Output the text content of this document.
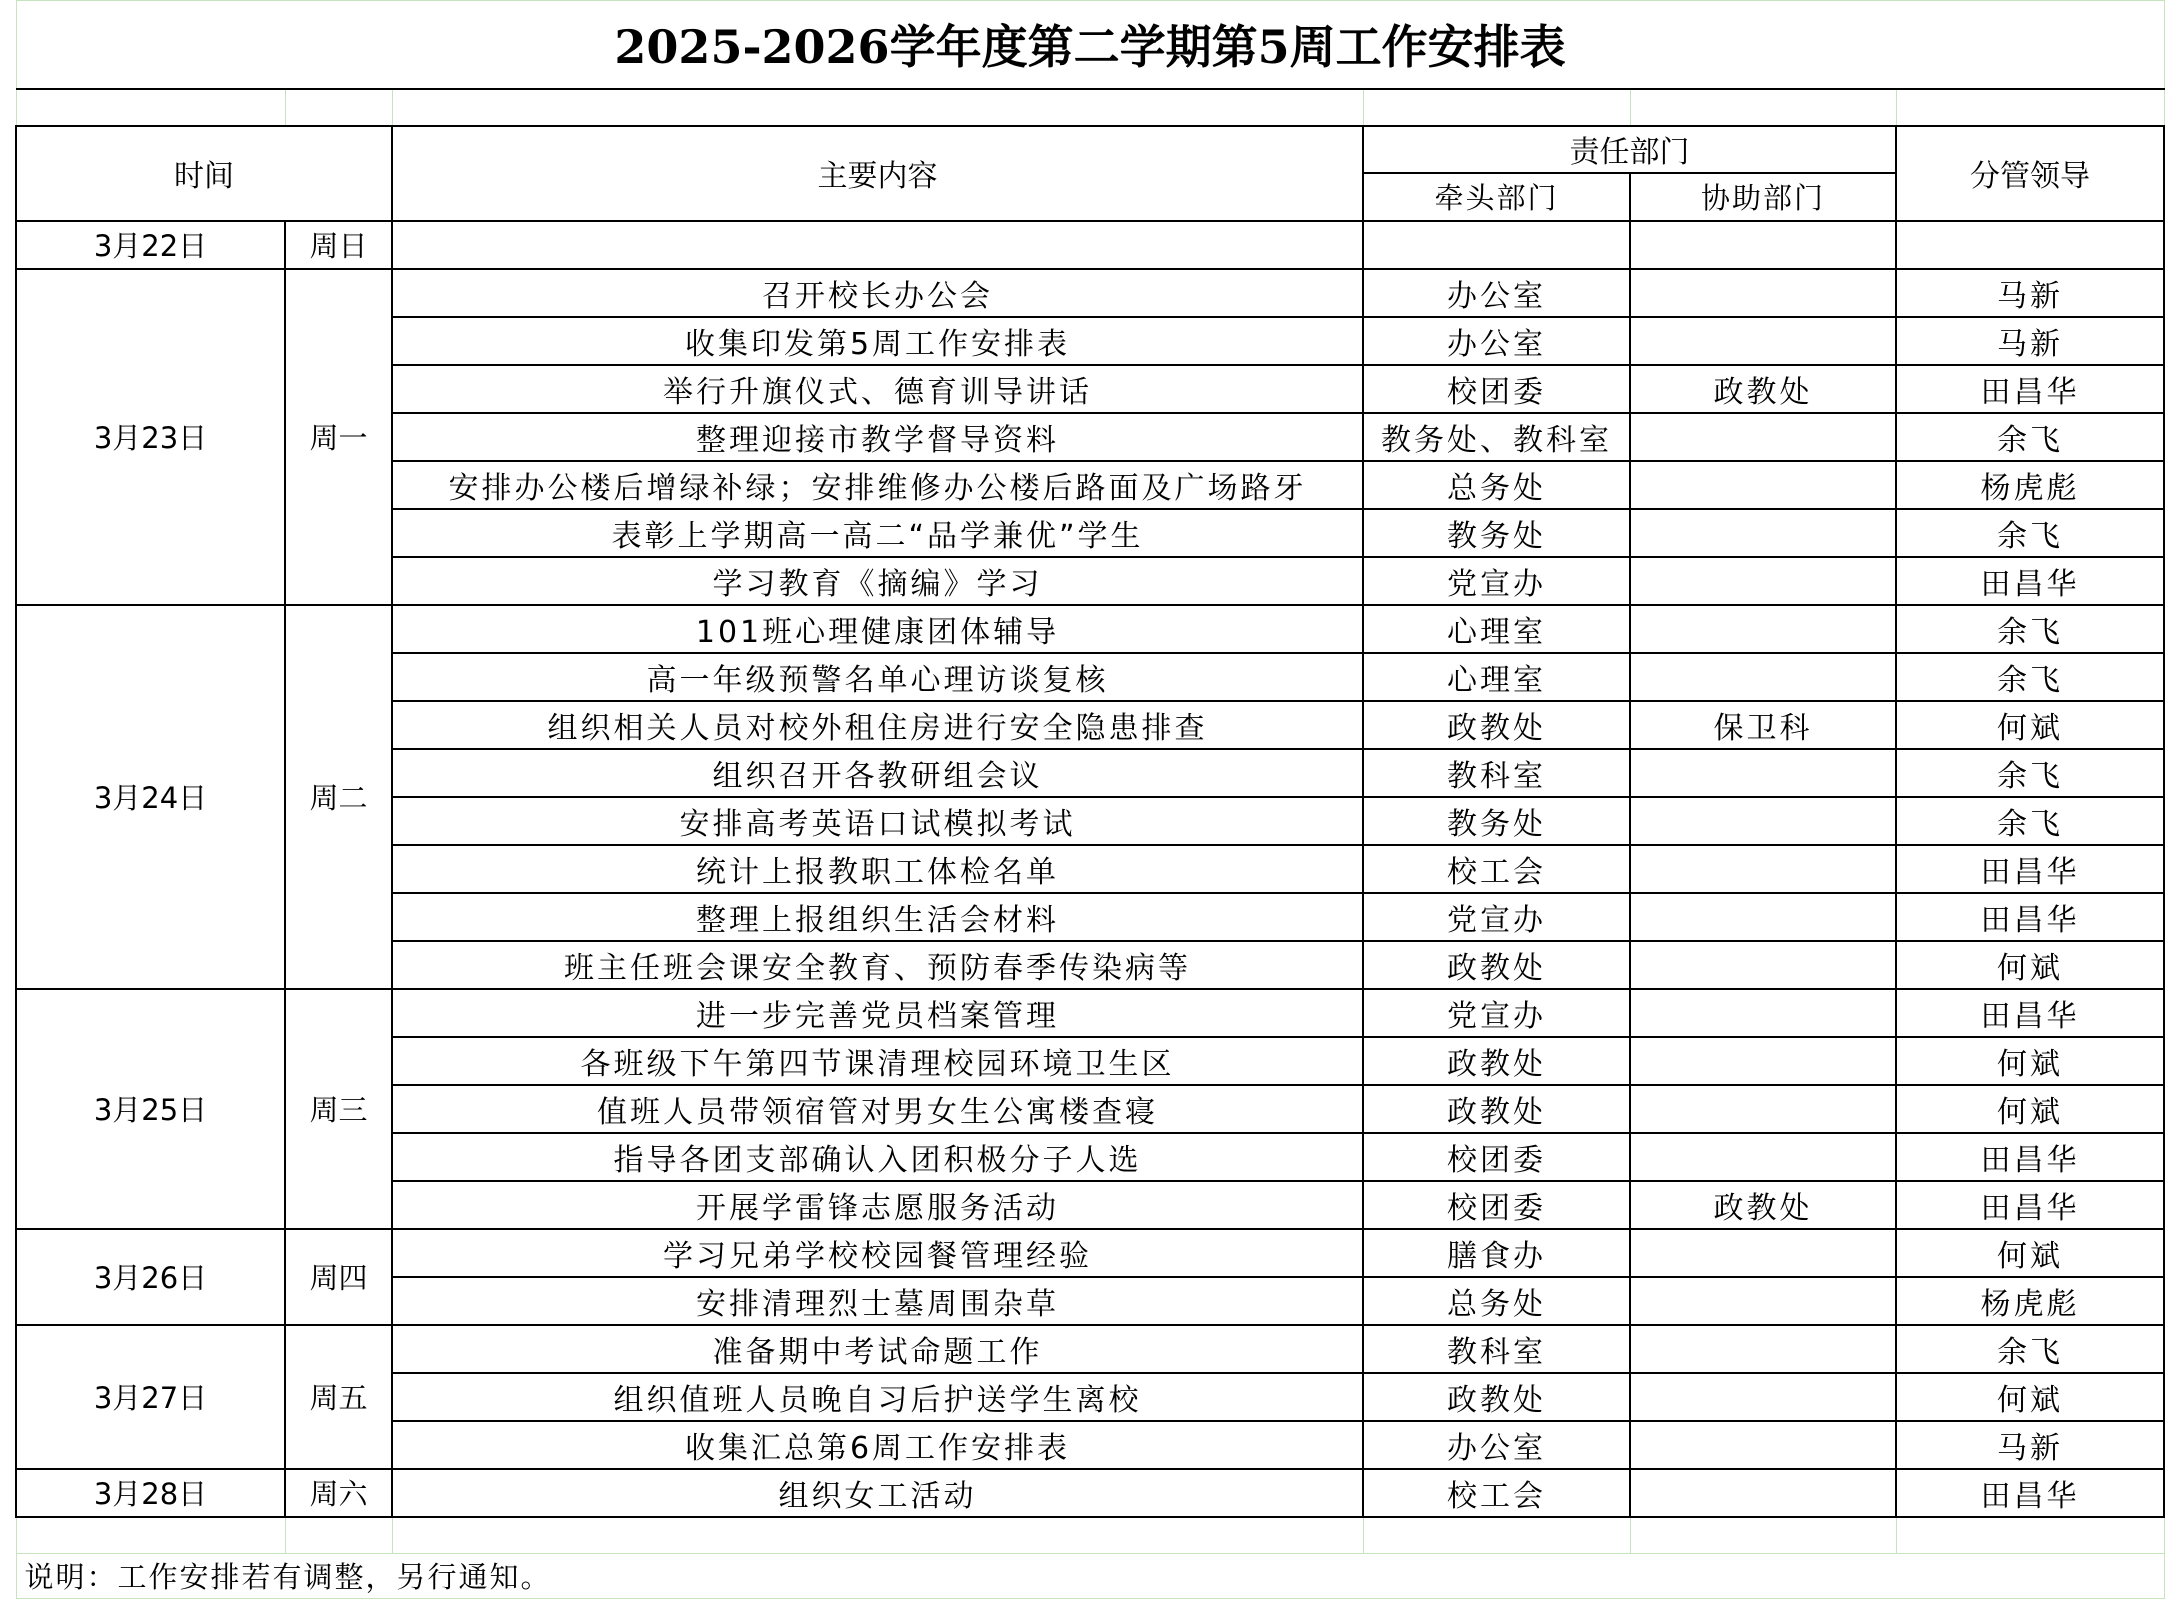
2025-2026学年度第二学期第5周工作安排表					

时间		主要内容	责任部门		分管领导
			牵头部门	协助部门	
3月22日	周日				
3月23日	周一	召开校长办公会	办公室		马新
		收集印发第5周工作安排表	办公室		马新
		举行升旗仪式、德育训导讲话	校团委	政教处	田昌华
		整理迎接市教学督导资料	教务处、教科室		余飞
		安排办公楼后增绿补绿；安排维修办公楼后路面及广场路牙	总务处		杨虎彪
		表彰上学期高一高二“品学兼优”学生	教务处		余飞
		学习教育《摘编》学习	党宣办		田昌华
3月24日	周二	101班心理健康团体辅导	心理室		余飞
		高一年级预警名单心理访谈复核	心理室		余飞
		组织相关人员对校外租住房进行安全隐患排查	政教处	保卫科	何斌
		组织召开各教研组会议	教科室		余飞
		安排高考英语口试模拟考试	教务处		余飞
		统计上报教职工体检名单	校工会		田昌华
		整理上报组织生活会材料	党宣办		田昌华
		班主任班会课安全教育、预防春季传染病等	政教处		何斌
3月25日	周三	进一步完善党员档案管理	党宣办		田昌华
		各班级下午第四节课清理校园环境卫生区	政教处		何斌
		值班人员带领宿管对男女生公寓楼查寝	政教处		何斌
		指导各团支部确认入团积极分子人选	校团委		田昌华
		开展学雷锋志愿服务活动	校团委	政教处	田昌华
3月26日	周四	学习兄弟学校校园餐管理经验	膳食办		何斌
		安排清理烈士墓周围杂草	总务处		杨虎彪
3月27日	周五	准备期中考试命题工作	教科室		余飞
		组织值班人员晚自习后护送学生离校	政教处		何斌
		收集汇总第6周工作安排表	办公室		马新
3月28日	周六	组织女工活动	校工会		田昌华

说明：工作安排若有调整，另行通知。					
